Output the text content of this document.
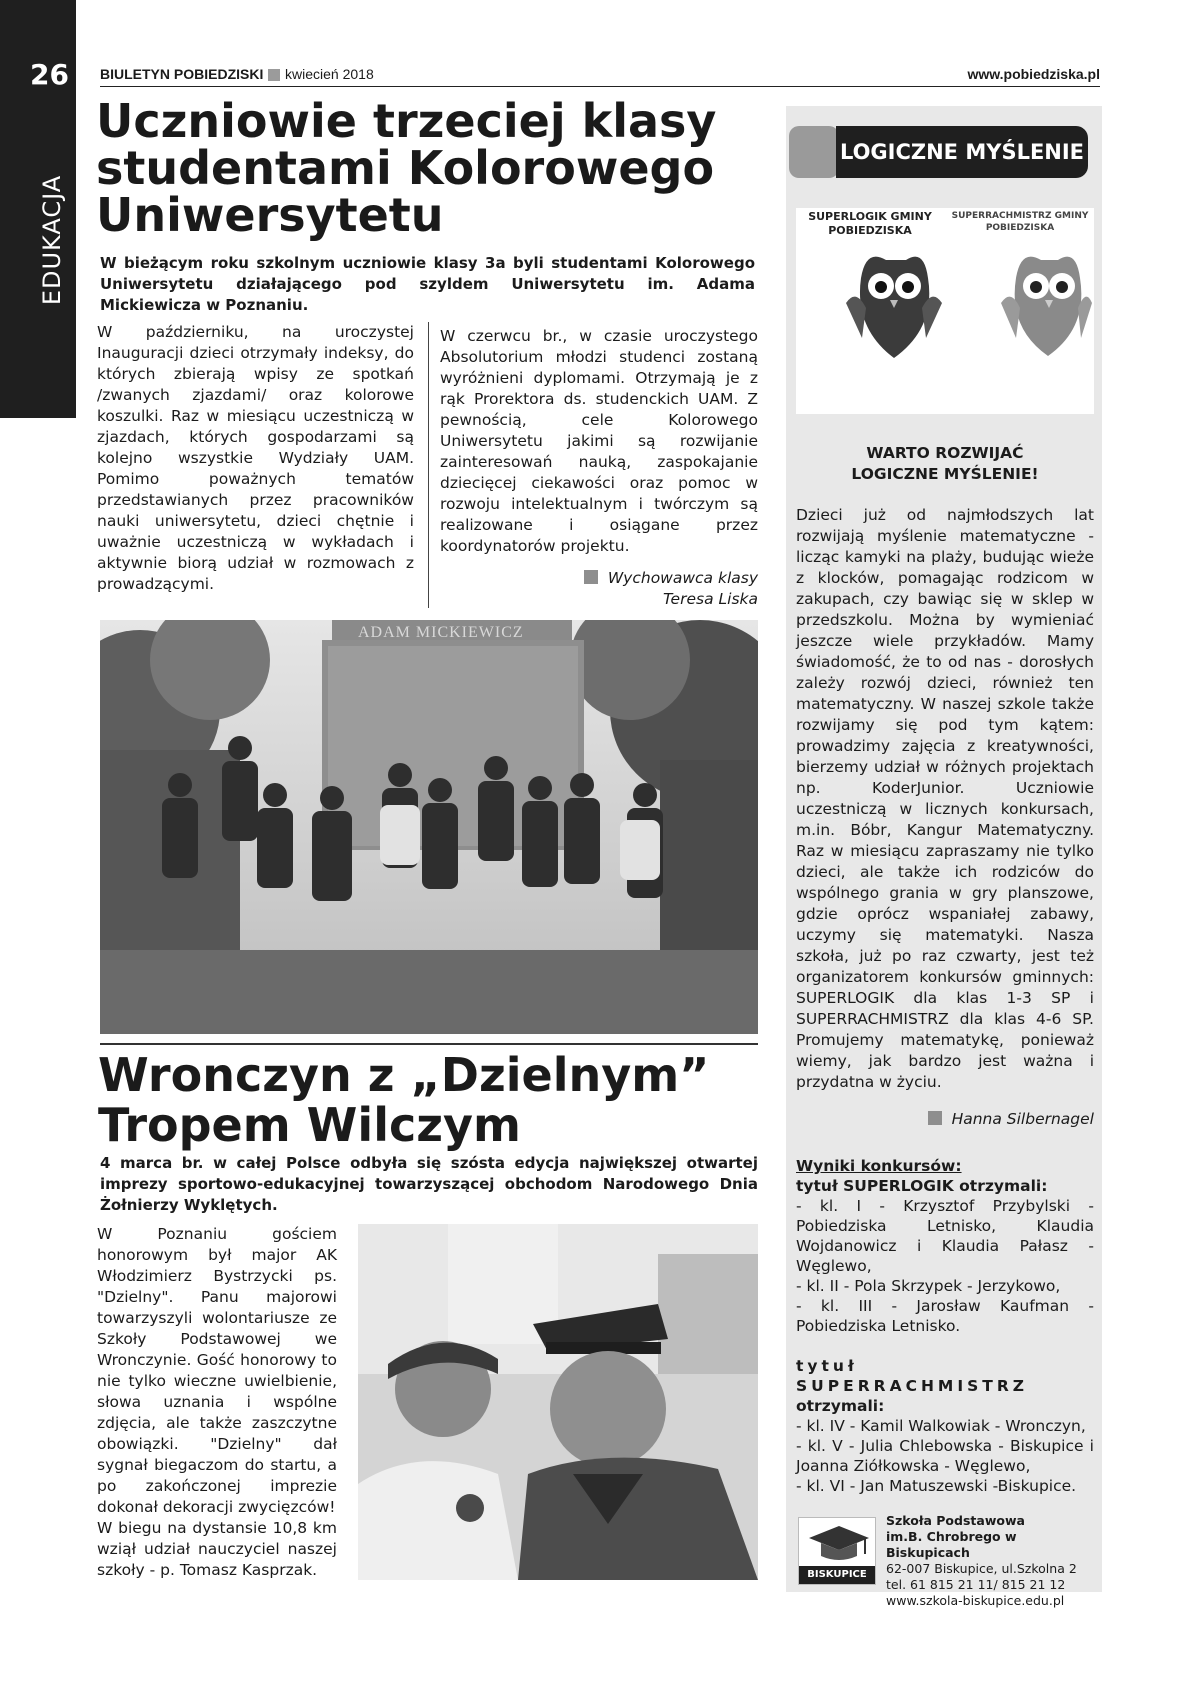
26
EDUKACJA
BIULETYN POBIEDZISKI kwiecień 2018	www.pobiedziska.pl
Uczniowie trzeciej klasy studentami Kolorowego Uniwersytetu

W bieżącym roku szkolnym uczniowie klasy 3a byli studentami Kolorowego Uniwersytetu działającego pod szyldem Uniwersytetu im. Adama Mickiewicza w Poznaniu.

W październiku, na uroczystej Inauguracji dzieci otrzymały indeksy, do których zbierają wpisy ze spotkań /zwanych zjazdami/ oraz kolorowe koszulki. Raz w miesiącu uczestniczą w zjazdach, których gospodarzami są kolejno wszystkie Wydziały UAM. Pomimo poważnych tematów przedstawianych przez pracowników nauki uniwersytetu, dzieci chętnie i uważnie uczestniczą w wykładach i aktywnie biorą udział w rozmowach z prowadzącymi.

W czerwcu br., w czasie uroczystego Absolutorium młodzi studenci zostaną wyróżnieni dyplomami. Otrzymają je z rąk Prorektora ds. studenckich UAM. Z pewnością, cele Kolorowego Uniwersytetu jakimi są rozwijanie zainteresowań nauką, zaspokajanie dziecięcej ciekawości oraz pomoc w rozwoju intelektualnym i twórczym są realizowane i osiągane przez koordynatorów projektu.

Wychowawca klasy
Teresa Liska
ADAM MICKIEWICZ
Wronczyn z „Dzielnym”
Tropem Wilczym

4 marca br. w całej Polsce odbyła się szósta edycja największej otwartej imprezy sportowo-edukacyjnej towarzyszącej obchodom Narodowego Dnia Żołnierzy Wyklętych.

W Poznaniu gościem honorowym był major AK Włodzimierz Bystrzycki ps. "Dzielny". Panu majorowi towarzyszyli wolontariusze ze Szkoły Podstawowej we Wronczynie. Gość honorowy to nie tylko wieczne uwielbienie, słowa uznania i wspólne zdjęcia, ale także zaszczytne obowiązki. "Dzielny" dał sygnał biegaczom do startu, a po zakończonej imprezie dokonał dekoracji zwycięzców!
W biegu na dystansie 10,8 km wziął udział nauczyciel naszej szkoły - p. Tomasz Kasprzak.
LOGICZNE MYŚLENIE
SUPERLOGIK GMINY POBIEDZISKA
SUPERRACHMISTRZ GMINY POBIEDZISKA
WARTO ROZWIJAĆ
LOGICZNE MYŚLENIE!

Dzieci już od najmłodszych lat rozwijają myślenie matematyczne - licząc kamyki na plaży, budując wieże z klocków, pomagając rodzicom w zakupach, czy bawiąc się w sklep w przedszkolu. Można by wymieniać jeszcze wiele przykładów. Mamy świadomość, że to od nas - dorosłych zależy rozwój dzieci, również ten matematyczny. W naszej szkole także rozwijamy się pod tym kątem: prowadzimy zajęcia z kreatywności, bierzemy udział w różnych projektach np. KoderJunior. Uczniowie uczestniczą w licznych konkursach, m.in. Bóbr, Kangur Matematyczny. Raz w miesiącu zapraszamy nie tylko dzieci, ale także ich rodziców do wspólnego grania w gry planszowe, gdzie oprócz wspaniałej zabawy, uczymy się matematyki. Nasza szkoła, już po raz czwarty, jest też organizatorem konkursów gminnych: SUPERLOGIK dla klas 1-3 SP i SUPERRACHMISTRZ dla klas 4-6 SP. Promujemy matematykę, ponieważ wiemy, jak bardzo jest ważna i przydatna w życiu.

Hanna Silbernagel
Wyniki konkursów:
tytuł SUPERLOGIK otrzymali:
- kl. I - Krzysztof Przybylski - Pobiedziska Letnisko, Klaudia Wojdanowicz i Klaudia Pałasz - Węglewo,
- kl. II - Pola Skrzypek - Jerzykowo,
- kl. III - Jarosław Kaufman - Pobiedziska Letnisko.
tytuł SUPERRACHMISTRZ
otrzymali:
- kl. IV - Kamil Walkowiak - Wronczyn,
- kl. V - Julia Chlebowska - Biskupice i Joanna Ziółkowska - Węglewo,
- kl. VI - Jan Matuszewski -Biskupice.
BISKUPICE
Szkoła Podstawowa
im.B. Chrobrego w Biskupicach
62-007 Biskupice, ul.Szkolna 2
tel. 61 815 21 11/ 815 21 12
www.szkola-biskupice.edu.pl
